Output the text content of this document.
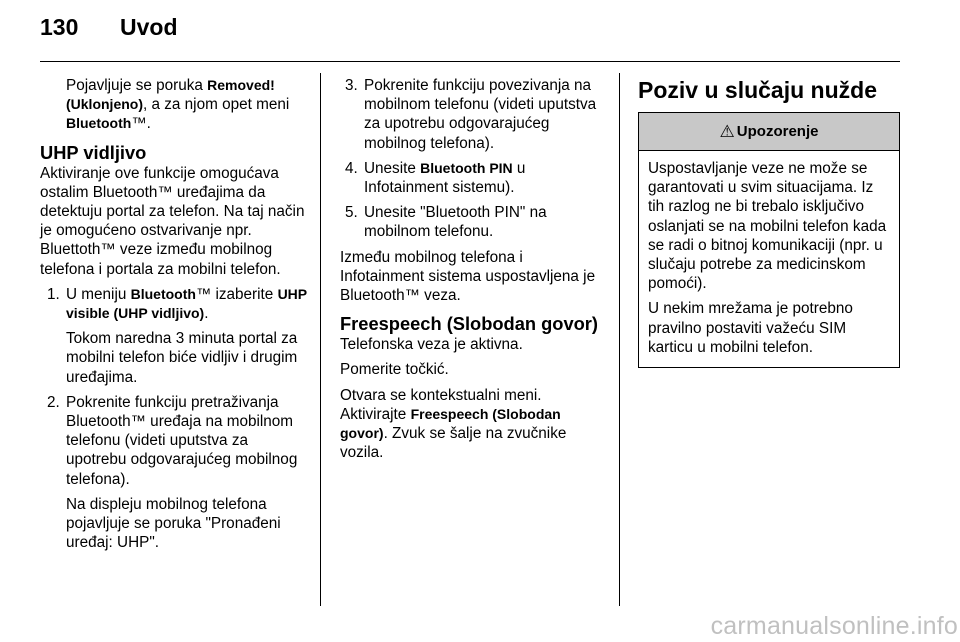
130 Uvod

Pojavljuje se poruka Removed! (Uklonjeno), a za njom opet meni Bluetooth™.

UHP vidljivo

Aktiviranje ove funkcije omogućava ostalim Bluetooth™ uređajima da detektuju portal za telefon. Na taj način je omogućeno ostvarivanje npr. Bluettoth™ veze između mobilnog telefona i portala za mobilni telefon.

1. U meniju Bluetooth™ izaberite UHP visible (UHP vidljivo).

Tokom naredna 3 minuta portal za mobilni telefon biće vidljiv i drugim uređajima.

2. Pokrenite funkciju pretraživanja Bluetooth™ uređaja na mobilnom telefonu (videti uputstva za upotrebu odgovarajućeg mobilnog telefona).

Na displeju mobilnog telefona pojavljuje se poruka "Pronađeni uređaj: UHP".

3. Pokrenite funkciju povezivanja na mobilnom telefonu (videti uputstva za upotrebu odgovarajućeg mobilnog telefona).

4. Unesite Bluetooth PIN u Infotainment sistemu).

5. Unesite "Bluetooth PIN" na mobilnom telefonu.

Između mobilnog telefona i Infotainment sistema uspostavljena je Bluetooth™ veza.

Freespeech (Slobodan govor)

Telefonska veza je aktivna.

Pomerite točkić.

Otvara se kontekstualni meni.
Aktivirajte Freespeech (Slobodan govor). Zvuk se šalje na zvučnike vozila.

Poziv u slučaju nužde
⚠ Upozorenje

Uspostavljanje veze ne može se garantovati u svim situacijama. Iz tih razlog ne bi trebalo isključivo oslanjati se na mobilni telefon kada se radi o bitnoj komunikaciji (npr. u slučaju potrebe za medicinskom pomoći).

U nekim mrežama je potrebno pravilno postaviti važeću SIM karticu u mobilni telefon.

carmanualsonline.info
